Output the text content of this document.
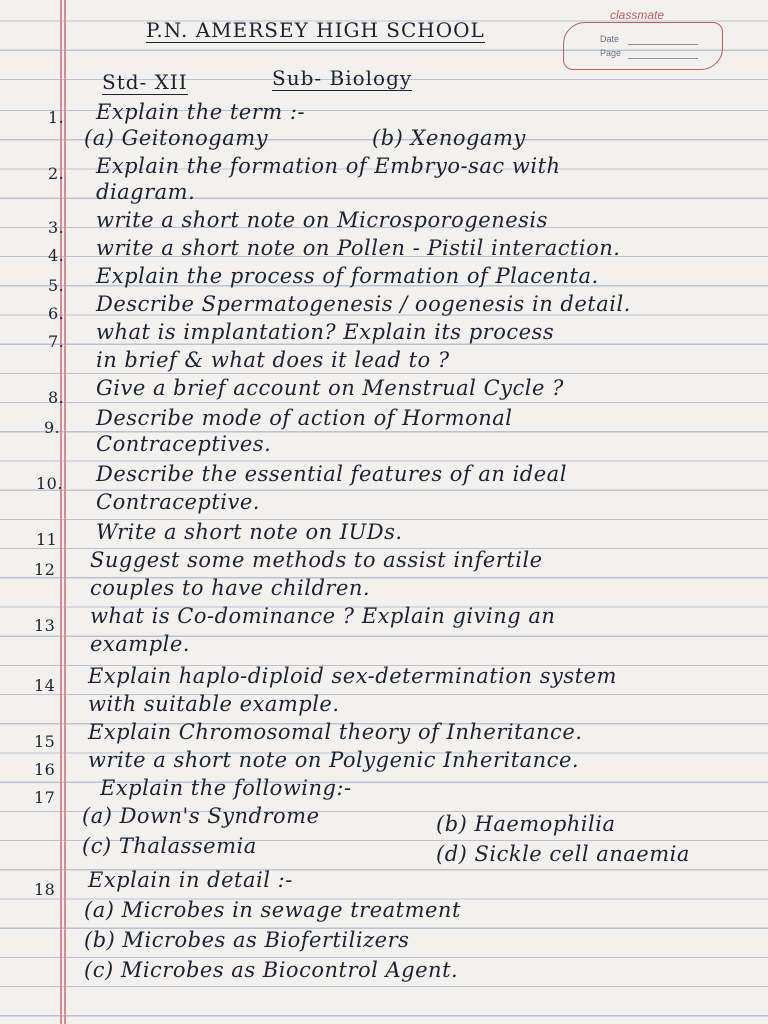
classmate
Date
Page
P.N. AMERSEY HIGH SCHOOL
Std- XII	Sub- Biology
1. Explain the term :-
(a) Geitonogamy	(b) Xenogamy
2. Explain the formation of Embryo-sac with
diagram.
3. write a short note on Microsporogenesis
4. write a short note on Pollen - Pistil interaction.
5. Explain the process of formation of Placenta.
6. Describe Spermatogenesis / oogenesis in detail.
7. what is implantation? Explain its process
in brief & what does it lead to ?
8. Give a brief account on Menstrual Cycle ?
9. Describe mode of action of Hormonal
Contraceptives.
10. Describe the essential features of an ideal
Contraceptive.
11 Write a short note on IUDs.
12 Suggest some methods to assist infertile
couples to have children.
13 what is Co-dominance ? Explain giving an
example.
14 Explain haplo-diploid sex-determination system
with suitable example.
15 Explain Chromosomal theory of Inheritance.
16 write a short note on Polygenic Inheritance.
17 Explain the following:-
(a) Down's Syndrome	(b) Haemophilia
(c) Thalassemia	(d) Sickle cell anaemia
18 Explain in detail :-
(a) Microbes in sewage treatment
(b) Microbes as Biofertilizers
(c) Microbes as Biocontrol Agent.
